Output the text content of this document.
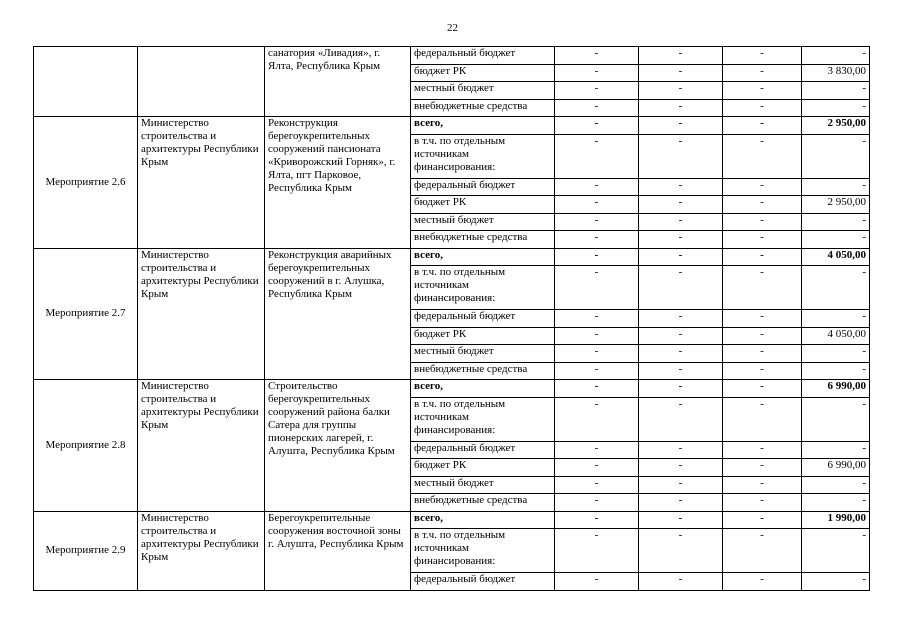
22
		санатория «Ливадия», г. Ялта, Республика Крым	федеральный бюджет	-	-	-	-
			бюджет РК	-	-	-	3 830,00
			местный бюджет	-	-	-	-
			внебюджетные средства	-	-	-	-
Мероприятие 2.6	Министерство строительства и архитектуры Республики Крым	Реконструкция берегоукрепительных сооружений пансионата «Криворожский Горняк», г. Ялта, пгт Парковое, Республика Крым	всего,	-	-	-	2 950,00
			в т.ч. по отдельным источникам финансирования:	-	-	-	-
			федеральный бюджет	-	-	-	-
			бюджет РК	-	-	-	2 950,00
			местный бюджет	-	-	-	-
			внебюджетные средства	-	-	-	-
Мероприятие 2.7	Министерство строительства и архитектуры Республики Крым	Реконструкция аварийных берегоукрепительных сооружений в г. Алушка, Республика Крым	всего,	-	-	-	4 050,00
			в т.ч. по отдельным источникам финансирования:	-	-	-	-
			федеральный бюджет	-	-	-	-
			бюджет РК	-	-	-	4 050,00
			местный бюджет	-	-	-	-
			внебюджетные средства	-	-	-	-
Мероприятие 2.8	Министерство строительства и архитектуры Республики Крым	Строительство берегоукрепительных сооружений района балки Сатера для группы пионерских лагерей, г. Алушта, Республика Крым	всего,	-	-	-	6 990,00
			в т.ч. по отдельным источникам финансирования:	-	-	-	-
			федеральный бюджет	-	-	-	-
			бюджет РК	-	-	-	6 990,00
			местный бюджет	-	-	-	-
			внебюджетные средства	-	-	-	-
Мероприятие 2.9	Министерство строительства и архитектуры Республики Крым	Берегоукрепительные сооружения восточной зоны г. Алушта, Республика Крым	всего,	-	-	-	1 990,00
			в т.ч. по отдельным источникам финансирования:	-	-	-	-
			федеральный бюджет	-	-	-	-
